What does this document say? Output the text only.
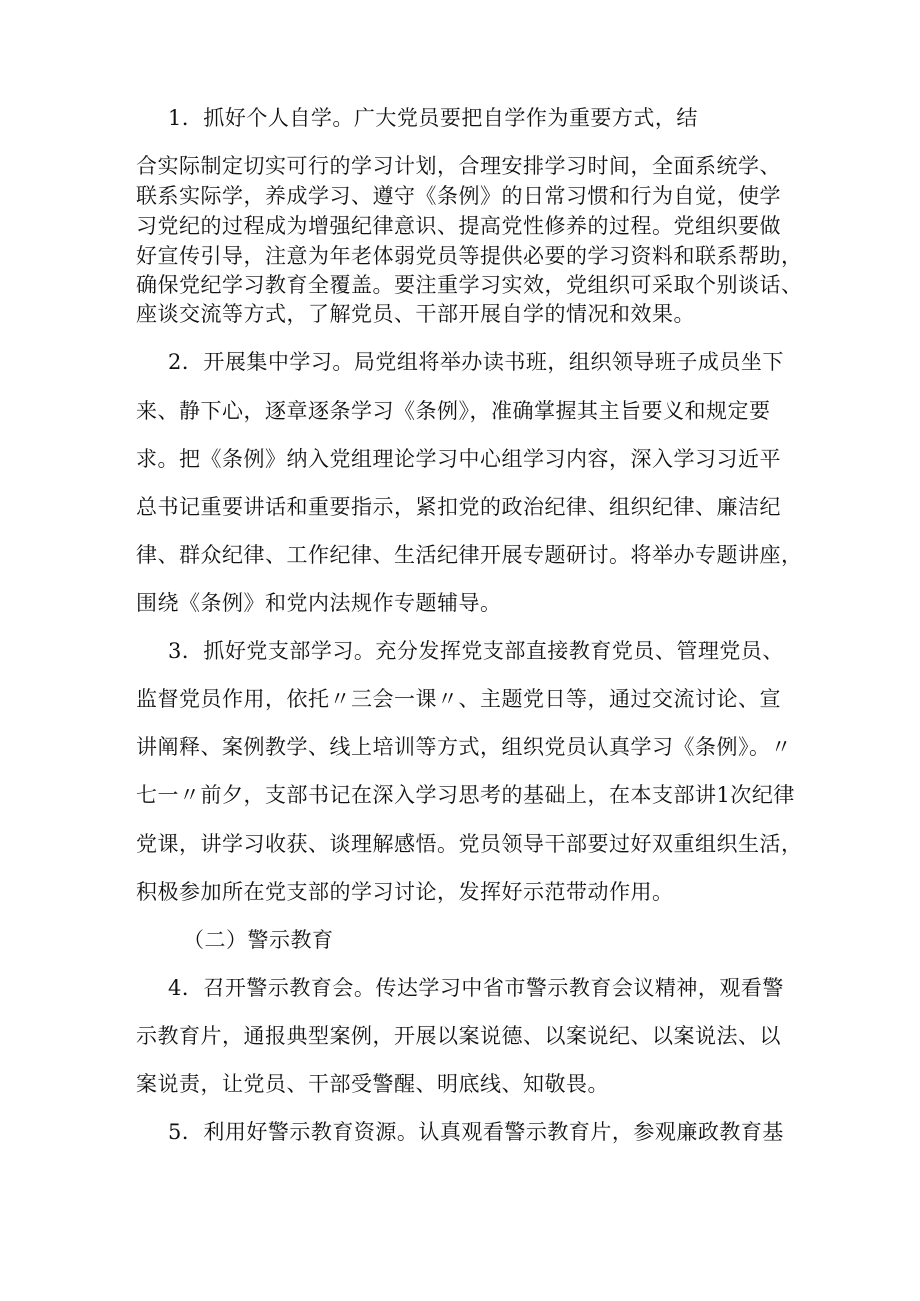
1．抓好个人自学。广大党员要把自学作为重要方式，结
合实际制定切实可行的学习计划，合理安排学习时间，全面系统学、
联系实际学，养成学习、遵守《条例》的日常习惯和行为自觉，使学
习党纪的过程成为增强纪律意识、提高党性修养的过程。党组织要做
好宣传引导，注意为年老体弱党员等提供必要的学习资料和联系帮助，
确保党纪学习教育全覆盖。要注重学习实效，党组织可采取个别谈话、
座谈交流等方式，了解党员、干部开展自学的情况和效果。
2．开展集中学习。局党组将举办读书班，组织领导班子成员坐下
来、静下心，逐章逐条学习《条例》，准确掌握其主旨要义和规定要
求。把《条例》纳入党组理论学习中心组学习内容，深入学习习近平
总书记重要讲话和重要指示，紧扣党的政治纪律、组织纪律、廉洁纪
律、群众纪律、工作纪律、生活纪律开展专题研讨。将举办专题讲座，
围绕《条例》和党内法规作专题辅导。
3．抓好党支部学习。充分发挥党支部直接教育党员、管理党员、
监督党员作用，依托〃三会一课〃、主题党日等，通过交流讨论、宣
讲阐释、案例教学、线上培训等方式，组织党员认真学习《条例》。〃
七一〃前夕，支部书记在深入学习思考的基础上，在本支部讲1次纪律
党课，讲学习收获、谈理解感悟。党员领导干部要过好双重组织生活，
积极参加所在党支部的学习讨论，发挥好示范带动作用。
（二）警示教育
4．召开警示教育会。传达学习中省市警示教育会议精神，观看警
示教育片，通报典型案例，开展以案说德、以案说纪、以案说法、以
案说责，让党员、干部受警醒、明底线、知敬畏。
5．利用好警示教育资源。认真观看警示教育片，参观廉政教育基
